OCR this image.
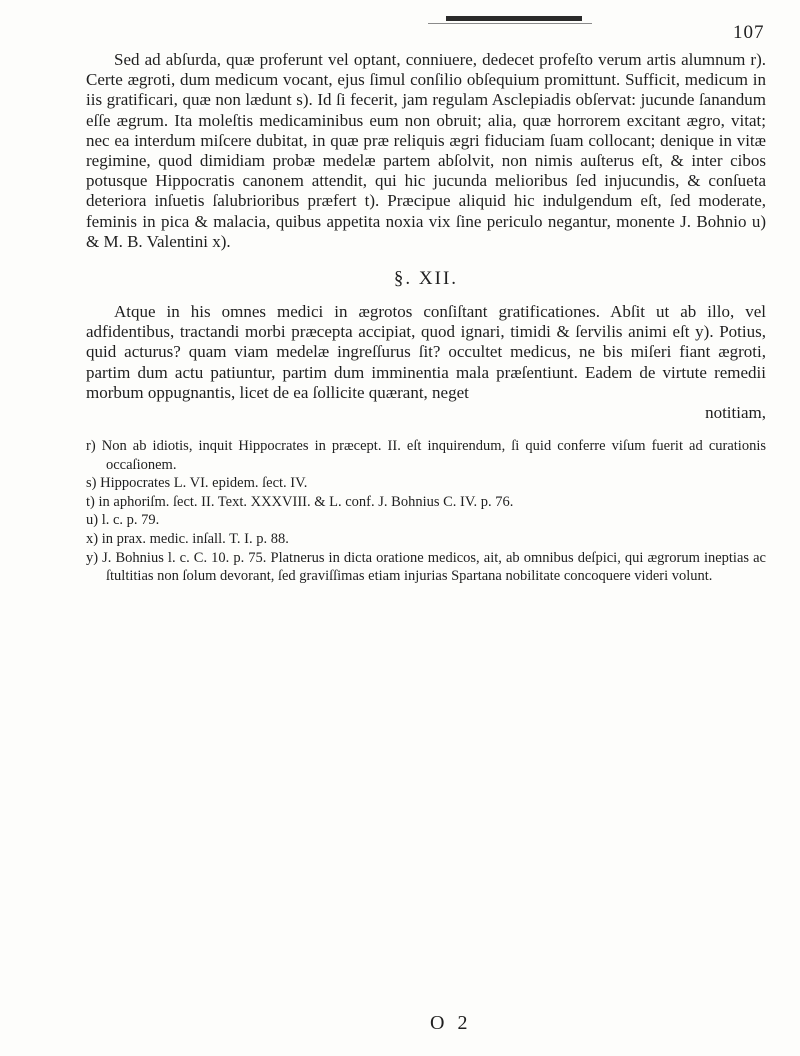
107

Sed ad abſurda, quæ proferunt vel optant, conniuere, dedecet profeſto verum artis alumnum r). Certe ægroti, dum medicum vocant, ejus ſimul conſilio obſequium promittunt. Sufficit, medicum in iis gratificari, quæ non lædunt s). Id ſi fecerit, jam regulam Asclepiadis obſervat: jucunde ſanandum eſſe ægrum. Ita moleſtis medicaminibus eum non obruit; alia, quæ horrorem excitant ægro, vitat; nec ea interdum miſcere dubitat, in quæ præ reliquis ægri fiduciam ſuam collocant; denique in vitæ regimine, quod dimidiam probæ medelæ partem abſolvit, non nimis auſterus eſt, & inter cibos potusque Hippocratis canonem attendit, qui hic jucunda melioribus ſed injucundis, & conſueta deteriora inſuetis ſalubrioribus præfert t). Præcipue aliquid hic indulgendum eſt, ſed moderate, feminis in pica & malacia, quibus appetita noxia vix ſine periculo negantur, monente J. Bohnio u) & M. B. Valentini x).

§. XII.

Atque in his omnes medici in ægrotos conſiſtant gratificationes. Abſit ut ab illo, vel adfidentibus, tractandi morbi præcepta accipiat, quod ignari, timidi & ſervilis animi eſt y). Potius, quid acturus? quam viam medelæ ingreſſurus ſit? occultet medicus, ne bis miſeri fiant ægroti, partim dum actu patiuntur, partim dum imminentia mala præſentiunt. Eadem de virtute remedii morbum oppugnantis, licet de ea ſollicite quærant, neget

notitiam,

r) Non ab idiotis, inquit Hippocrates in præcept. II. eſt inquirendum, ſi quid conferre viſum fuerit ad curationis occaſionem.

s) Hippocrates L. VI. epidem. ſect. IV.

t) in aphoriſm. ſect. II. Text. XXXVIII. & L. conf. J. Bohnius C. IV. p. 76.

u) l. c. p. 79.

x) in prax. medic. inſall. T. I. p. 88.

y) J. Bohnius l. c. C. 10. p. 75. Platnerus in dicta oratione medicos, ait, ab omnibus deſpici, qui ægrorum ineptias ac ſtultitias non ſolum devorant, ſed graviſſimas etiam injurias Spartana nobilitate concoquere videri volunt.

O 2
